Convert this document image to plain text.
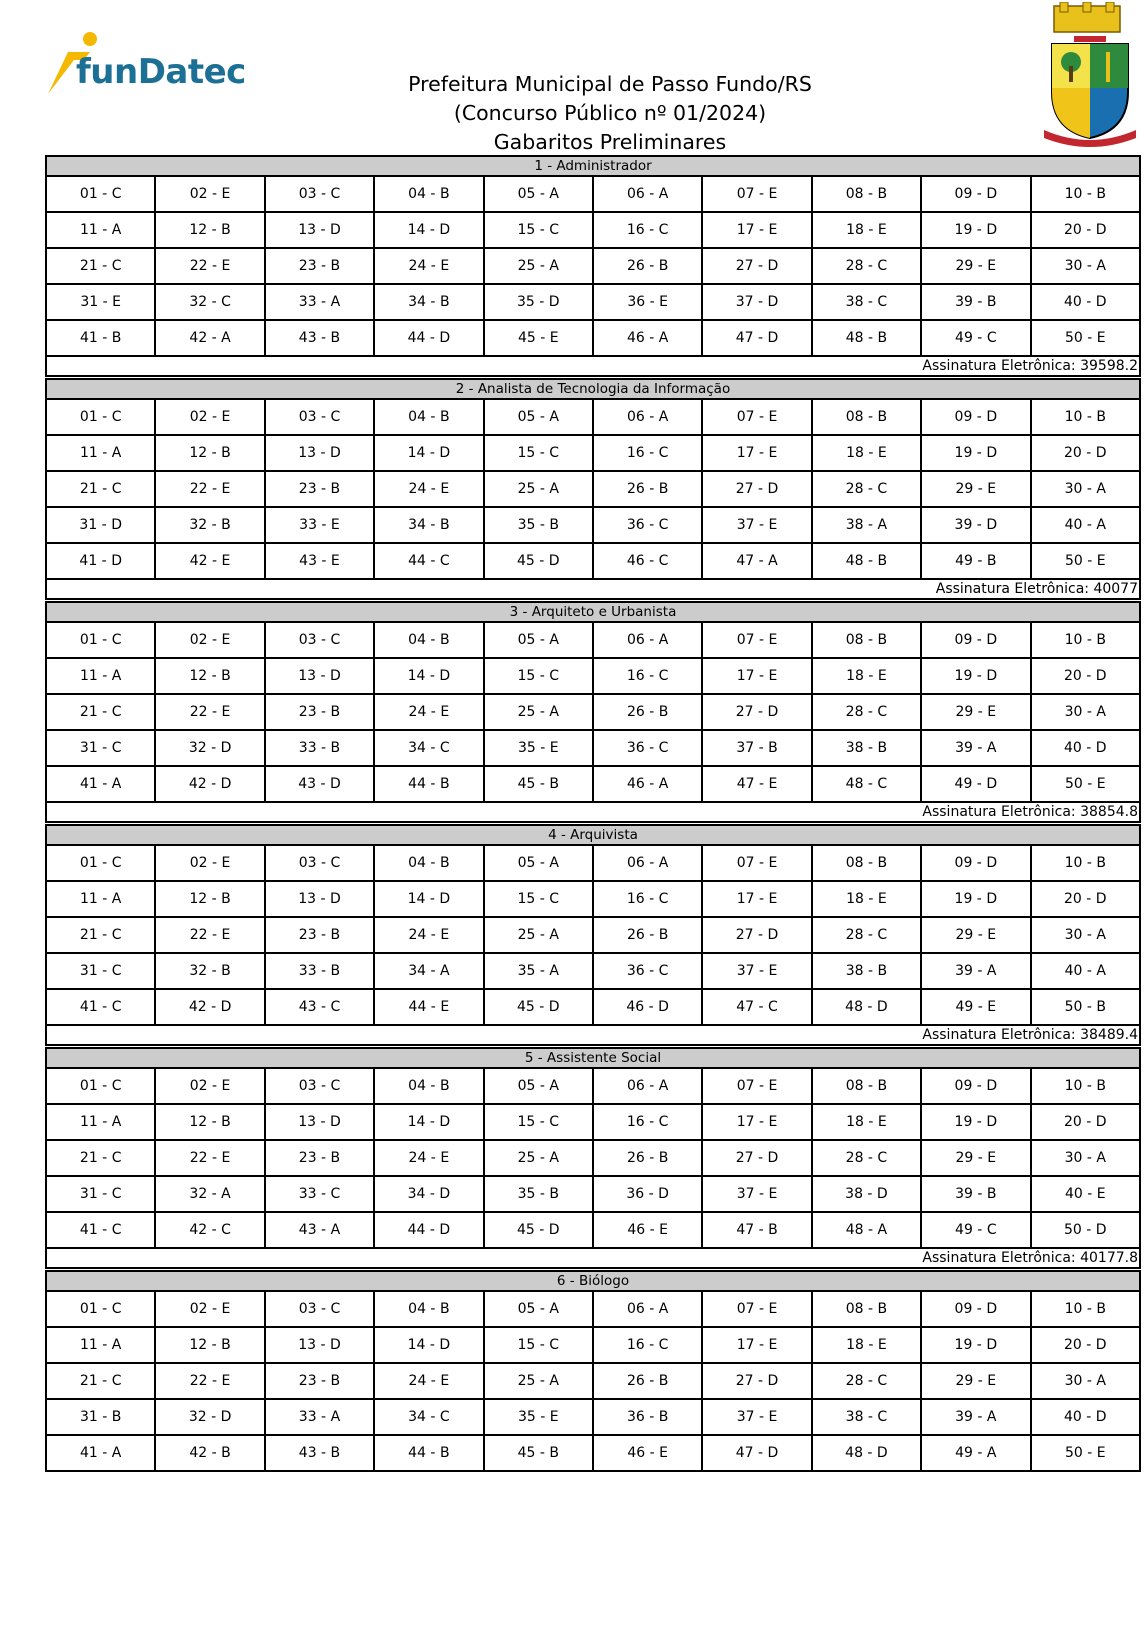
funDatec	Prefeitura Municipal de Passo Fundo/RS
(Concurso Público nº 01/2024)
Gabaritos Preliminares
1 - Administrador									
01 - C	02 - E	03 - C	04 - B	05 - A	06 - A	07 - E	08 - B	09 - D	10 - B
11 - A	12 - B	13 - D	14 - D	15 - C	16 - C	17 - E	18 - E	19 - D	20 - D
21 - C	22 - E	23 - B	24 - E	25 - A	26 - B	27 - D	28 - C	29 - E	30 - A
31 - E	32 - C	33 - A	34 - B	35 - D	36 - E	37 - D	38 - C	39 - B	40 - D
41 - B	42 - A	43 - B	44 - D	45 - E	46 - A	47 - D	48 - B	49 - C	50 - E
Assinatura Eletrônica: 39598.2									
2 - Analista de Tecnologia da Informação									
01 - C	02 - E	03 - C	04 - B	05 - A	06 - A	07 - E	08 - B	09 - D	10 - B
11 - A	12 - B	13 - D	14 - D	15 - C	16 - C	17 - E	18 - E	19 - D	20 - D
21 - C	22 - E	23 - B	24 - E	25 - A	26 - B	27 - D	28 - C	29 - E	30 - A
31 - D	32 - B	33 - E	34 - B	35 - B	36 - C	37 - E	38 - A	39 - D	40 - A
41 - D	42 - E	43 - E	44 - C	45 - D	46 - C	47 - A	48 - B	49 - B	50 - E
Assinatura Eletrônica: 40077									
3 - Arquiteto e Urbanista									
01 - C	02 - E	03 - C	04 - B	05 - A	06 - A	07 - E	08 - B	09 - D	10 - B
11 - A	12 - B	13 - D	14 - D	15 - C	16 - C	17 - E	18 - E	19 - D	20 - D
21 - C	22 - E	23 - B	24 - E	25 - A	26 - B	27 - D	28 - C	29 - E	30 - A
31 - C	32 - D	33 - B	34 - C	35 - E	36 - C	37 - B	38 - B	39 - A	40 - D
41 - A	42 - D	43 - D	44 - B	45 - B	46 - A	47 - E	48 - C	49 - D	50 - E
Assinatura Eletrônica: 38854.8									
4 - Arquivista									
01 - C	02 - E	03 - C	04 - B	05 - A	06 - A	07 - E	08 - B	09 - D	10 - B
11 - A	12 - B	13 - D	14 - D	15 - C	16 - C	17 - E	18 - E	19 - D	20 - D
21 - C	22 - E	23 - B	24 - E	25 - A	26 - B	27 - D	28 - C	29 - E	30 - A
31 - C	32 - B	33 - B	34 - A	35 - A	36 - C	37 - E	38 - B	39 - A	40 - A
41 - C	42 - D	43 - C	44 - E	45 - D	46 - D	47 - C	48 - D	49 - E	50 - B
Assinatura Eletrônica: 38489.4									
5 - Assistente Social									
01 - C	02 - E	03 - C	04 - B	05 - A	06 - A	07 - E	08 - B	09 - D	10 - B
11 - A	12 - B	13 - D	14 - D	15 - C	16 - C	17 - E	18 - E	19 - D	20 - D
21 - C	22 - E	23 - B	24 - E	25 - A	26 - B	27 - D	28 - C	29 - E	30 - A
31 - C	32 - A	33 - C	34 - D	35 - B	36 - D	37 - E	38 - D	39 - B	40 - E
41 - C	42 - C	43 - A	44 - D	45 - D	46 - E	47 - B	48 - A	49 - C	50 - D
Assinatura Eletrônica: 40177.8									
6 - Biólogo									
01 - C	02 - E	03 - C	04 - B	05 - A	06 - A	07 - E	08 - B	09 - D	10 - B
11 - A	12 - B	13 - D	14 - D	15 - C	16 - C	17 - E	18 - E	19 - D	20 - D
21 - C	22 - E	23 - B	24 - E	25 - A	26 - B	27 - D	28 - C	29 - E	30 - A
31 - B	32 - D	33 - A	34 - C	35 - E	36 - B	37 - E	38 - C	39 - A	40 - D
41 - A	42 - B	43 - B	44 - B	45 - B	46 - E	47 - D	48 - D	49 - A	50 - E
